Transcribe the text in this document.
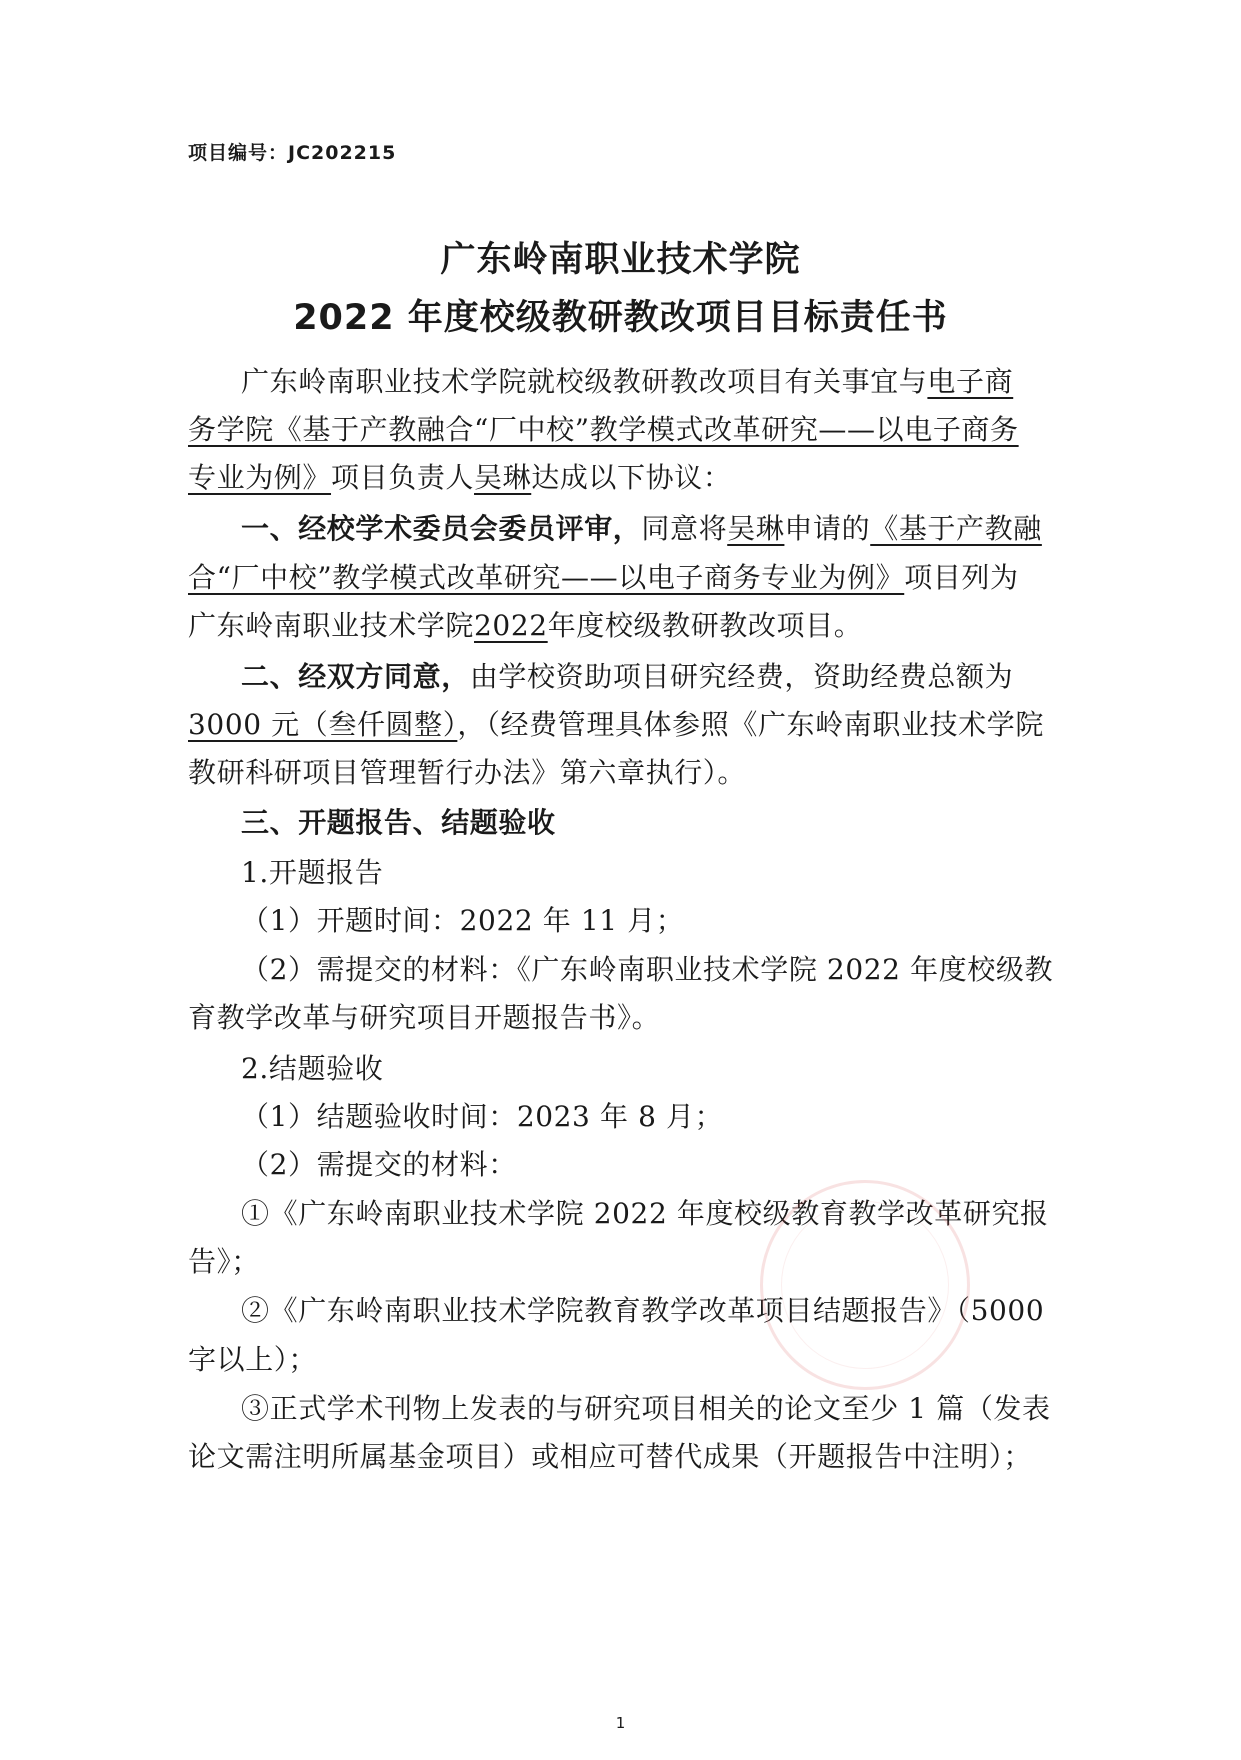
项目编号：JC202215
广东岭南职业技术学院
2022 年度校级教研教改项目目标责任书
广东岭南职业技术学院就校级教研教改项目有关事宜与电子商
务学院《基于产教融合“厂中校”教学模式改革研究——以电子商务
专业为例》项目负责人吴琳达成以下协议：
一、经校学术委员会委员评审，同意将吴琳申请的《基于产教融
合“厂中校”教学模式改革研究——以电子商务专业为例》项目列为
广东岭南职业技术学院2022年度校级教研教改项目。
二、经双方同意，由学校资助项目研究经费，资助经费总额为
3000 元（叁仟圆整），（经费管理具体参照《广东岭南职业技术学院
教研科研项目管理暂行办法》第六章执行）。
三、开题报告、结题验收
1.开题报告
（1）开题时间：2022 年 11 月；
（2）需提交的材料：《广东岭南职业技术学院 2022 年度校级教
育教学改革与研究项目开题报告书》。
2.结题验收
（1）结题验收时间：2023 年 8 月；
（2）需提交的材料：
①《广东岭南职业技术学院 2022 年度校级教育教学改革研究报
告》；
②《广东岭南职业技术学院教育教学改革项目结题报告》（5000
字以上）；
③正式学术刊物上发表的与研究项目相关的论文至少 1 篇（发表
论文需注明所属基金项目）或相应可替代成果（开题报告中注明）；
1
